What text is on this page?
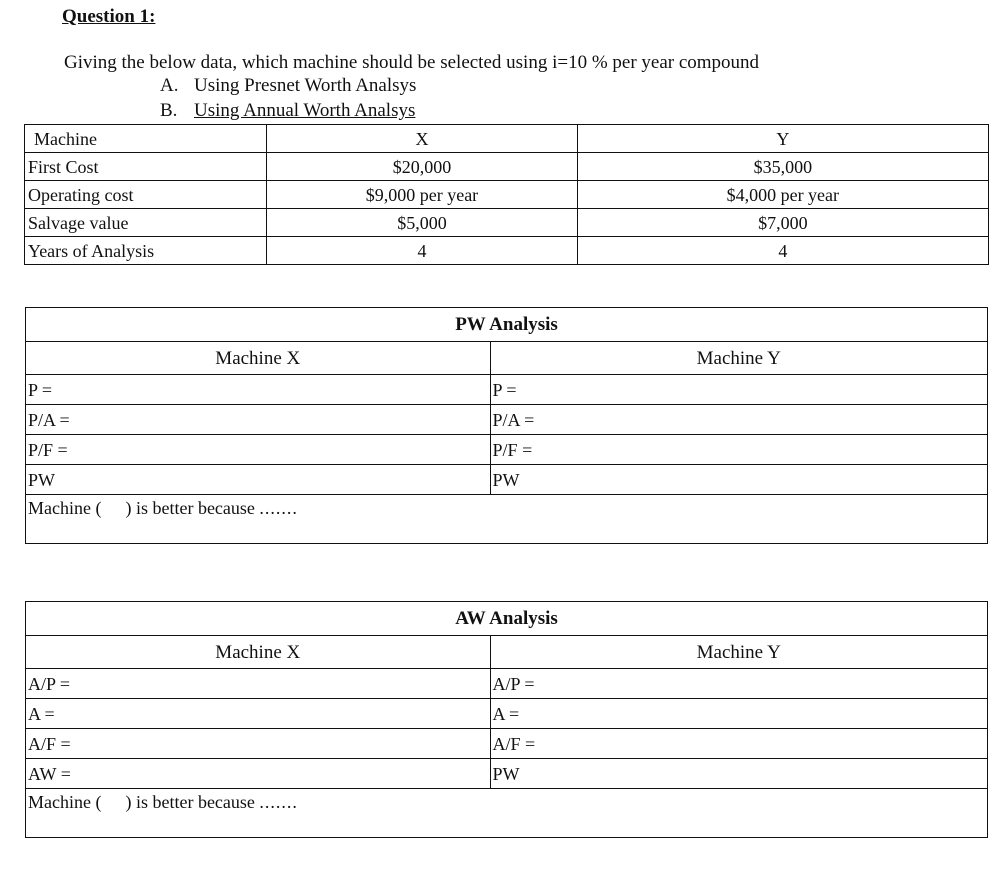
Question 1:
Giving the below data, which machine should be selected using i=10 % per year compound
A. Using Presnet Worth Analsys
B. Using Annual Worth Analsys
Machine	X	Y
First Cost	$20,000	$35,000
Operating cost	$9,000 per year	$4,000 per year
Salvage value	$5,000	$7,000
Years of Analysis	4	4
PW Analysis	
Machine X	Machine Y
P =	P =
P/A =	P/A =
P/F =	P/F =
PW	PW
Machine ( ) is better because .......	
AW Analysis	
Machine X	Machine Y
A/P =	A/P =
A =	A =
A/F =	A/F =
AW =	PW
Machine ( ) is better because .......	
